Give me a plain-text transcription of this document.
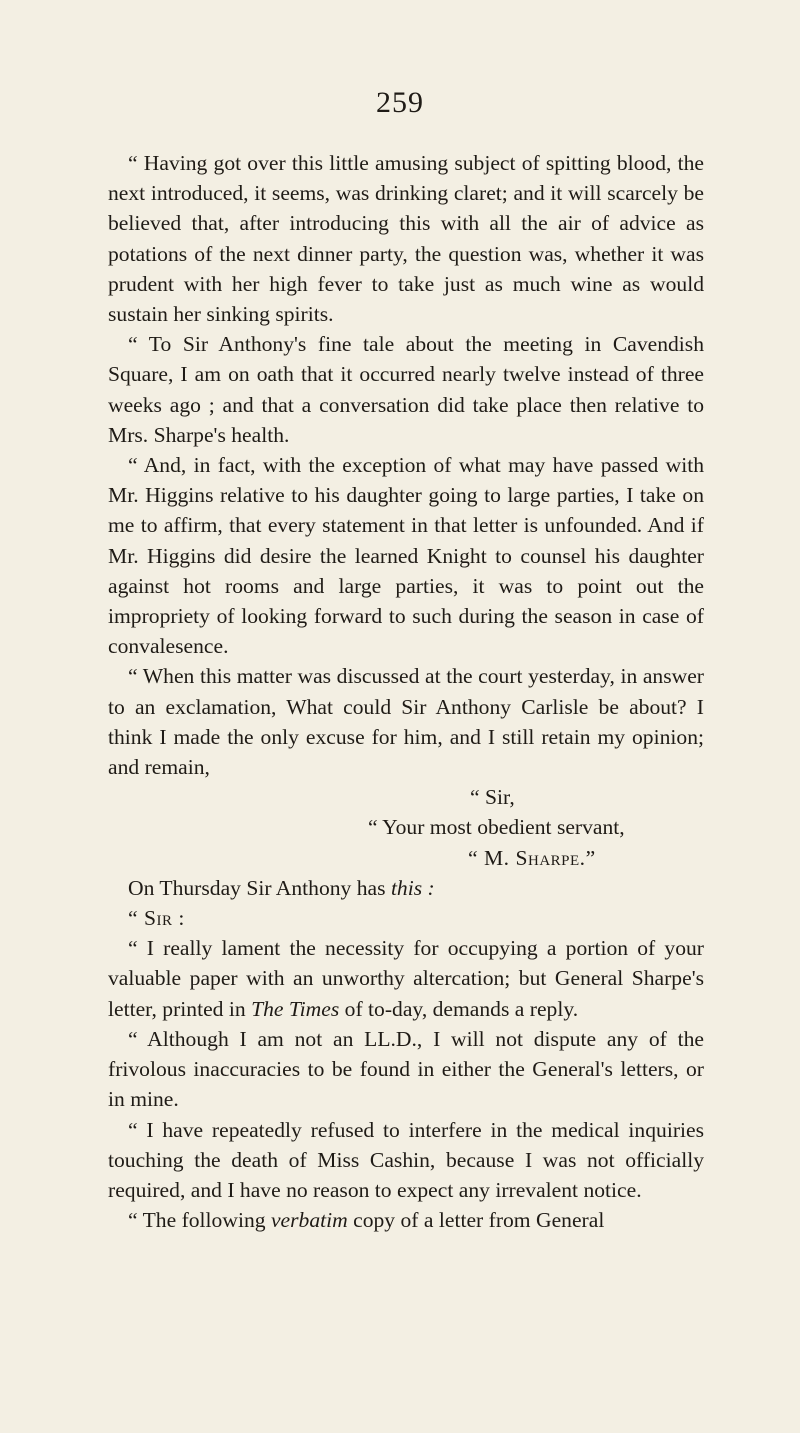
259

“ Having got over this little amusing subject of spitting blood, the next introduced, it seems, was drinking claret; and it will scarcely be believed that, after introducing this with all the air of advice as potations of the next dinner party, the question was, whether it was prudent with her high fever to take just as much wine as would sustain her sinking spirits.

“ To Sir Anthony's fine tale about the meeting in Cavendish Square, I am on oath that it occurred nearly twelve instead of three weeks ago ; and that a conversation did take place then relative to Mrs. Sharpe's health.

“ And, in fact, with the exception of what may have passed with Mr. Higgins relative to his daughter going to large parties, I take on me to affirm, that every statement in that letter is unfounded. And if Mr. Higgins did desire the learned Knight to counsel his daughter against hot rooms and large parties, it was to point out the impropriety of looking forward to such during the season in case of convalesence.

“ When this matter was discussed at the court yesterday, in answer to an exclamation, What could Sir Anthony Carlisle be about? I think I made the only excuse for him, and I still retain my opinion; and remain,

“ Sir,

“ Your most obedient servant,

“ M. Sharpe.”

On Thursday Sir Anthony has this :

“ Sir :

“ I really lament the necessity for occupying a portion of your valuable paper with an unworthy altercation; but General Sharpe's letter, printed in The Times of to-day, demands a reply.

“ Although I am not an LL.D., I will not dispute any of the frivolous inaccuracies to be found in either the General's letters, or in mine.

“ I have repeatedly refused to interfere in the medical inquiries touching the death of Miss Cashin, because I was not officially required, and I have no reason to expect any irrevalent notice.

“ The following verbatim copy of a letter from General
